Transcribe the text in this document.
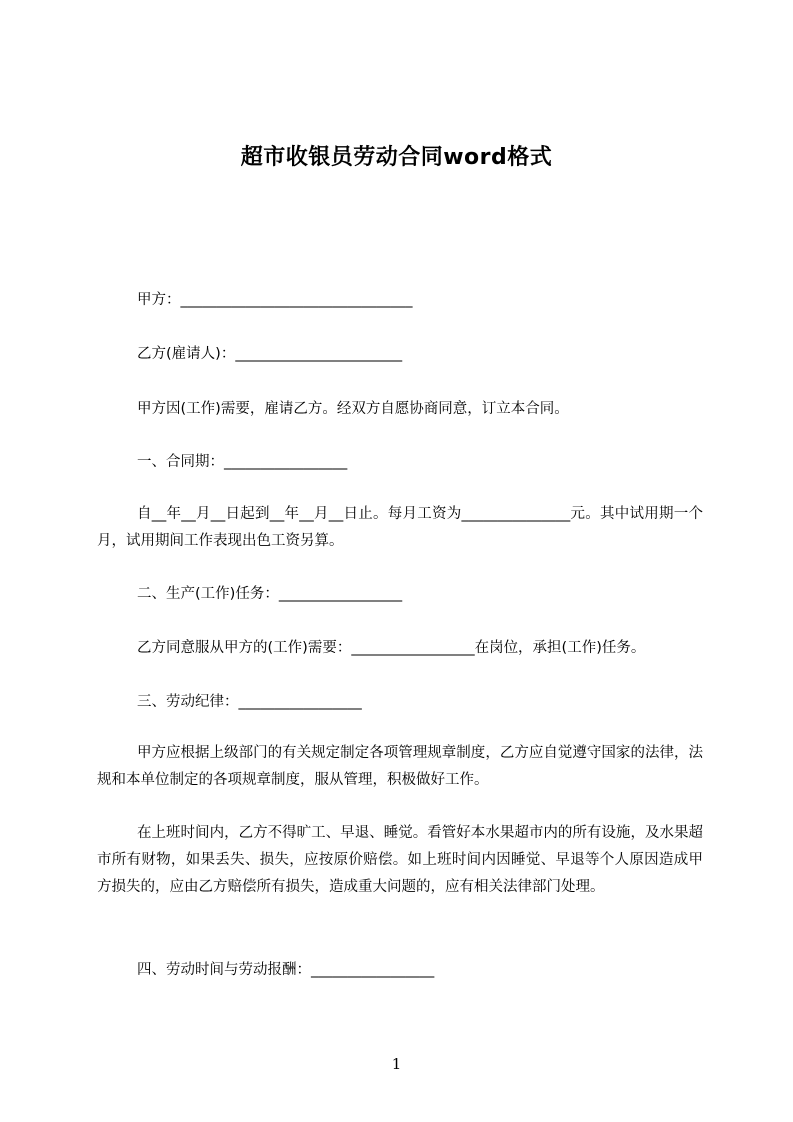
超市收银员劳动合同word格式
甲方：________________________________
乙方(雇请人)：_______________________
甲方因(工作)需要，雇请乙方。经双方自愿协商同意，订立本合同。
一、合同期：_________________
自__年__月__日起到__年__月__日止。每月工资为_______________元。其中试用期一个月，试用期间工作表现出色工资另算。
二、生产(工作)任务：_________________
乙方同意服从甲方的(工作)需要：_________________在岗位，承担(工作)任务。
三、劳动纪律：_________________
甲方应根据上级部门的有关规定制定各项管理规章制度，乙方应自觉遵守国家的法律，法规和本单位制定的各项规章制度，服从管理，积极做好工作。
在上班时间内，乙方不得旷工、早退、睡觉。看管好本水果超市内的所有设施，及水果超市所有财物，如果丢失、损失，应按原价赔偿。如上班时间内因睡觉、早退等个人原因造成甲方损失的，应由乙方赔偿所有损失，造成重大问题的，应有相关法律部门处理。
四、劳动时间与劳动报酬：_________________
1
